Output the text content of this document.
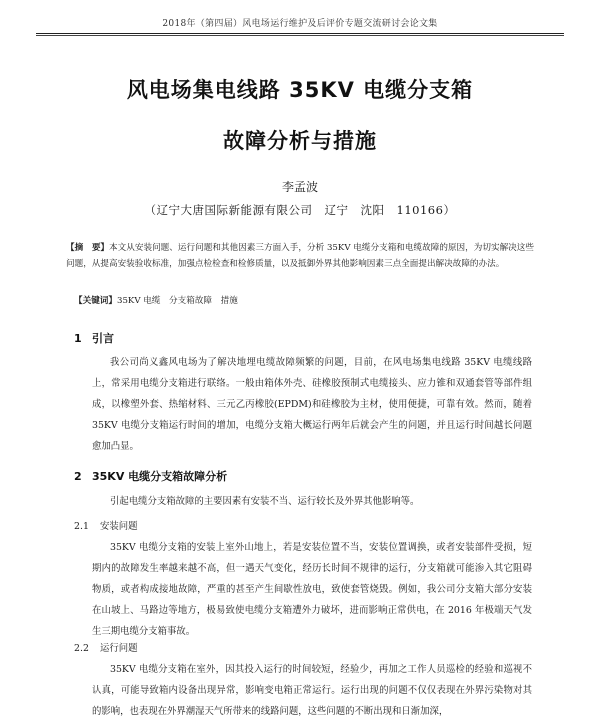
2018年（第四届）风电场运行维护及后评价专题交流研讨会论文集
风电场集电线路 35KV 电缆分支箱
故障分析与措施
李孟波
（辽宁大唐国际新能源有限公司　辽宁　沈阳　110166）
【摘　要】本文从安装问题、运行问题和其他因素三方面入手，分析 35KV 电缆分支箱和电缆故障的原因，为切实解决这些问题，从提高安装验收标准，加强点检检查和检修质量，以及抵御外界其他影响因素三点全面提出解决故障的办法。
【关键词】35KV 电缆　分支箱故障　措施
1 引言
我公司尚义鑫风电场为了解决地埋电缆故障频繁的问题，目前，在风电场集电线路 35KV 电缆线路上，常采用电缆分支箱进行联络。一般由箱体外壳、硅橡胶预制式电缆接头、应力锥和双通套管等部件组成，以橡塑外套、热缩材料、三元乙丙橡胶(EPDM)和硅橡胶为主材，使用便捷，可靠有效。然而，随着 35KV 电缆分支箱运行时间的增加，电缆分支箱大概运行两年后就会产生的问题，并且运行时间越长问题愈加凸显。
2 35KV 电缆分支箱故障分析
引起电缆分支箱故障的主要因素有安装不当、运行较长及外界其他影响等。
2.1 安装问题
35KV 电缆分支箱的安装上室外山地上，若是安装位置不当，安装位置调换，或者安装部件受损，短期内的故障发生率越来越不高，但一遇天气变化，经历长时间不规律的运行，分支箱就可能渗入其它阻碍物质，或者构成接地故障，严重的甚至产生间歇性放电，致使套管烧毁。例如，我公司分支箱大部分安装在山坡上、马路边等地方，极易致使电缆分支箱遭外力破坏，进而影响正常供电，在 2016 年极端天气发生三期电缆分支箱事故。
2.2 运行问题
35KV 电缆分支箱在室外，因其投入运行的时间较短，经验少，再加之工作人员巡检的经验和巡视不认真，可能导致箱内设备出现异常，影响变电箱正常运行。运行出现的问题不仅仅表现在外界污染物对其的影响，也表现在外界潮湿天气所带来的线路问题，这些问题的不断出现和日渐加深，
